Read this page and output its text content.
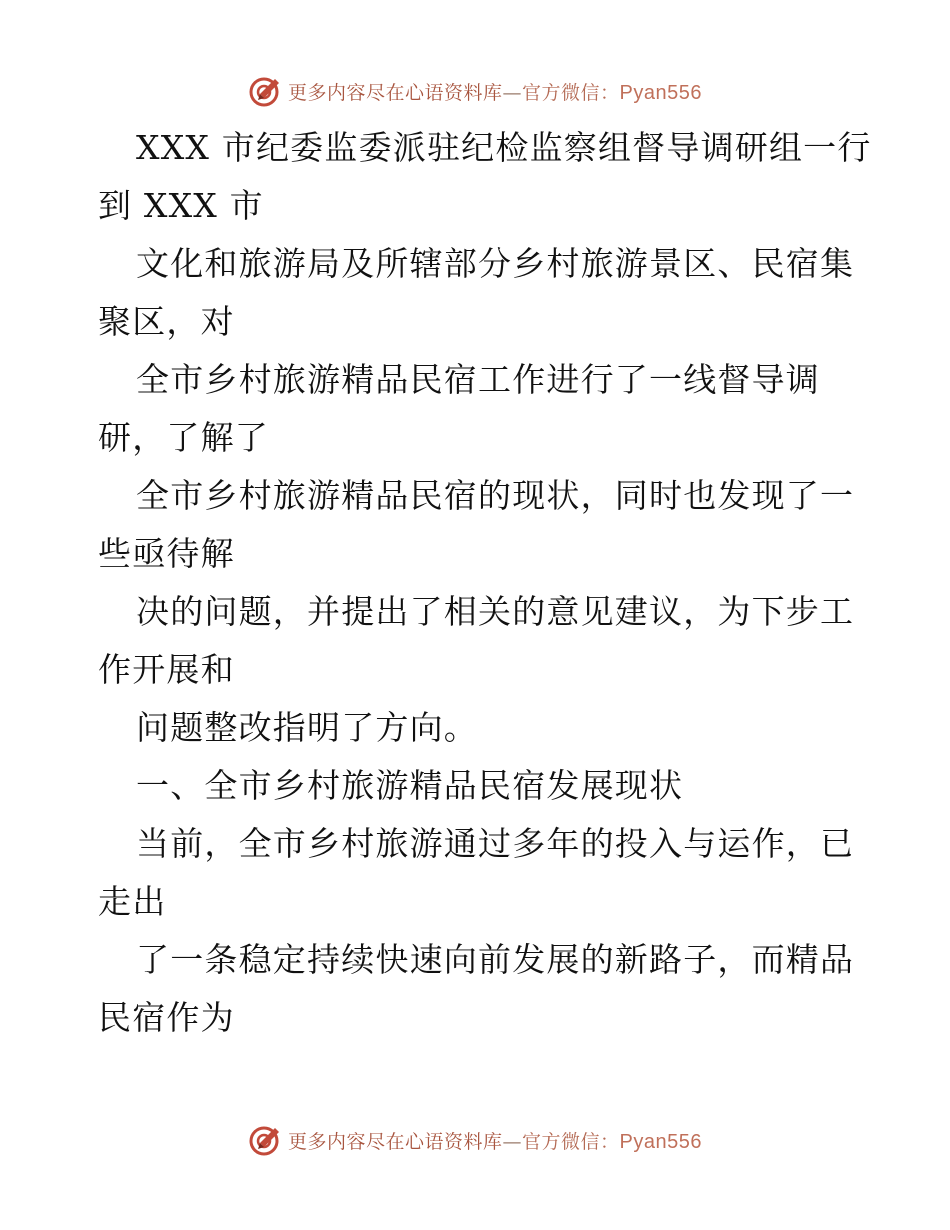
更多内容尽在心语资料库—官方微信：Pyan556
XXX 市纪委监委派驻纪检监察组督导调研组一行
到 XXX 市
文化和旅游局及所辖部分乡村旅游景区、民宿集
聚区，对
全市乡村旅游精品民宿工作进行了一线督导调
研，了解了
全市乡村旅游精品民宿的现状，同时也发现了一
些亟待解
决的问题，并提出了相关的意见建议，为下步工
作开展和
问题整改指明了方向。
一、全市乡村旅游精品民宿发展现状
当前，全市乡村旅游通过多年的投入与运作，已
走出
了一条稳定持续快速向前发展的新路子，而精品
民宿作为
更多内容尽在心语资料库—官方微信：Pyan556
